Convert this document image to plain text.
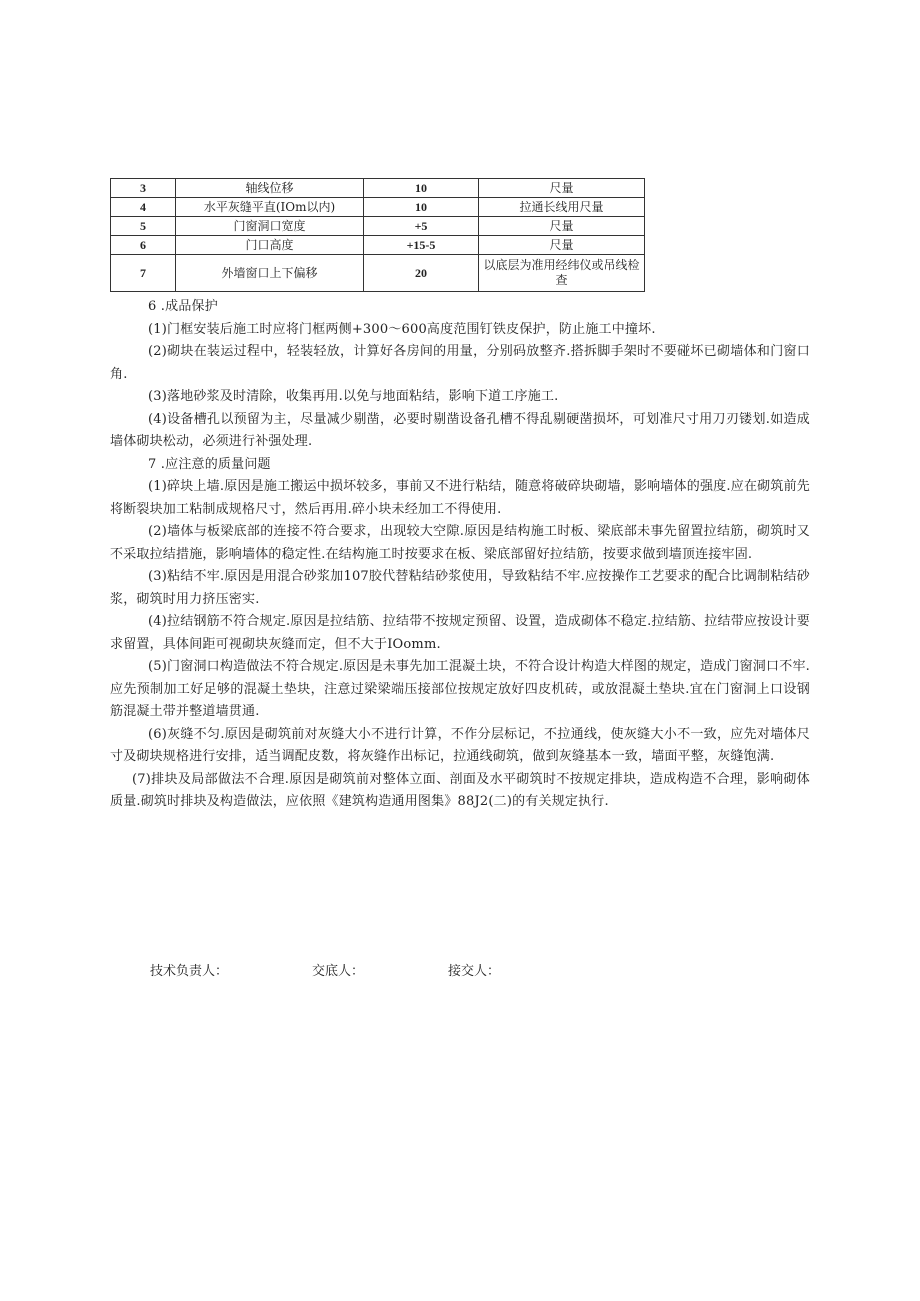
3	轴线位移	10	尺量
4	水平灰缝平直(IOm以内)	10	拉通长线用尺量
5	门窗洞口宽度	+5	尺量
6	门口高度	+15-5	尺量
7	外墙窗口上下偏移	20	以底层为准用经纬仪或吊线检查

6 .成品保护

(1)门框安装后施工时应将门框两侧+300～600高度范围钉铁皮保护，防止施工中撞坏.

(2)砌块在装运过程中，轻装轻放，计算好各房间的用量，分别码放整齐.搭拆脚手架时不要碰坏已砌墙体和门窗口角.

(3)落地砂浆及时清除，收集再用.以免与地面粘结，影响下道工序施工.

(4)设备槽孔以预留为主，尽量减少剔凿，必要时剔凿设备孔槽不得乱剔硬凿损坏，可划准尺寸用刀刃镂划.如造成墙体砌块松动，必须进行补强处理.

7 .应注意的质量问题

(1)碎块上墙.原因是施工搬运中损坏较多，事前又不进行粘结，随意将破碎块砌墙，影响墙体的强度.应在砌筑前先将断裂块加工粘制成规格尺寸，然后再用.碎小块未经加工不得使用.

(2)墙体与板梁底部的连接不符合要求，出现较大空隙.原因是结构施工时板、梁底部未事先留置拉结筋，砌筑时又不采取拉结措施，影响墙体的稳定性.在结构施工时按要求在板、梁底部留好拉结筋，按要求做到墙顶连接牢固.

(3)粘结不牢.原因是用混合砂浆加107胶代替粘结砂浆使用，导致粘结不牢.应按操作工艺要求的配合比调制粘结砂浆，砌筑时用力挤压密实.

(4)拉结钢筋不符合规定.原因是拉结筋、拉结带不按规定预留、设置，造成砌体不稳定.拉结筋、拉结带应按设计要求留置，具体间距可视砌块灰缝而定，但不大于IOomm.

(5)门窗洞口构造做法不符合规定.原因是未事先加工混凝土块，不符合设计构造大样图的规定，造成门窗洞口不牢.应先预制加工好足够的混凝土垫块，注意过梁梁端压接部位按规定放好四皮机砖，或放混凝土垫块.宜在门窗洞上口设钢筋混凝土带并整道墙贯通.

(6)灰缝不匀.原因是砌筑前对灰缝大小不进行计算，不作分层标记，不拉通线，使灰缝大小不一致，应先对墙体尺寸及砌块规格进行安排，适当调配皮数，将灰缝作出标记，拉通线砌筑，做到灰缝基本一致，墙面平整，灰缝饱满.

(7)排块及局部做法不合理.原因是砌筑前对整体立面、剖面及水平砌筑时不按规定排块，造成构造不合理，影响砌体质量.砌筑时排块及构造做法，应依照《建筑构造通用图集》88J2(二)的有关规定执行.

技术负责人：	交底人：	接交人：
